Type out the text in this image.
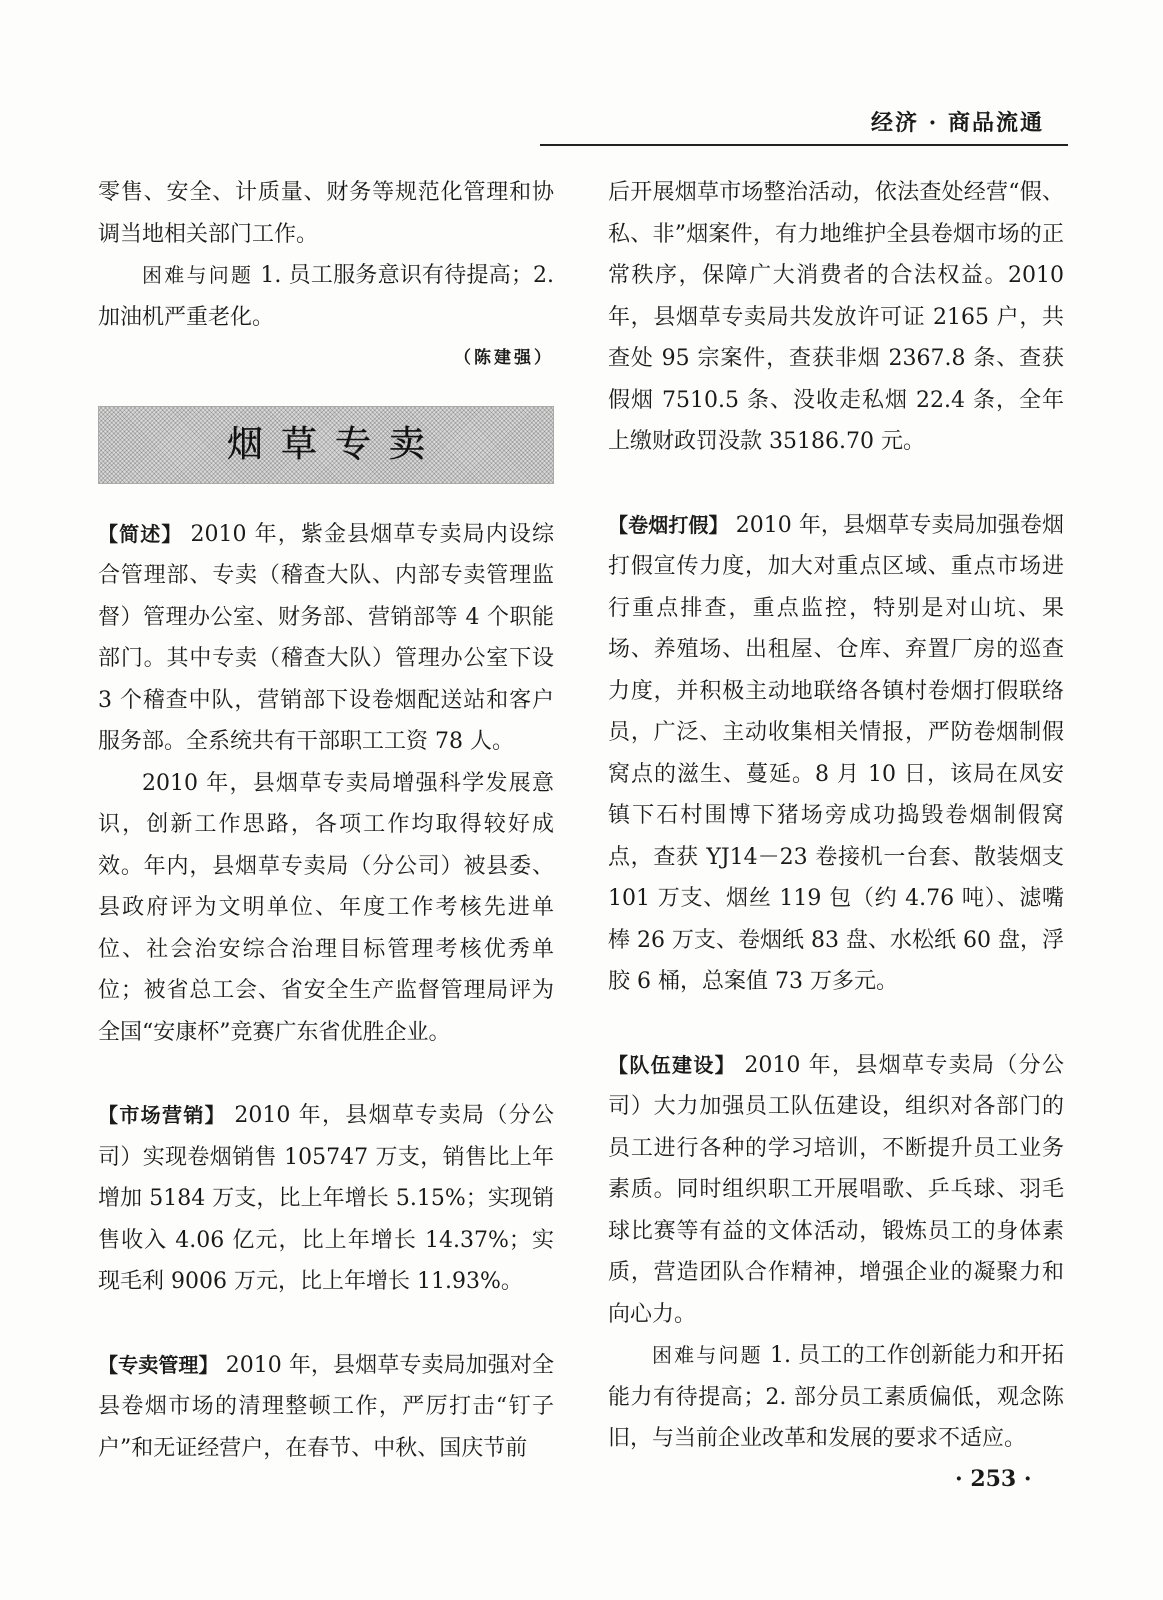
经济 · 商品流通

零售、安全、计质量、财务等规范化管理和协调当地相关部门工作。

困难与问题 1. 员工服务意识有待提高；2. 加油机严重老化。

（陈建强）

烟草专卖

【简述】 2010 年，紫金县烟草专卖局内设综合管理部、专卖（稽查大队、内部专卖管理监督）管理办公室、财务部、营销部等 4 个职能部门。其中专卖（稽查大队）管理办公室下设 3 个稽查中队，营销部下设卷烟配送站和客户服务部。全系统共有干部职工工资 78 人。

2010 年，县烟草专卖局增强科学发展意识，创新工作思路，各项工作均取得较好成效。年内，县烟草专卖局（分公司）被县委、县政府评为文明单位、年度工作考核先进单位、社会治安综合治理目标管理考核优秀单位；被省总工会、省安全生产监督管理局评为全国“安康杯”竞赛广东省优胜企业。

【市场营销】 2010 年，县烟草专卖局（分公司）实现卷烟销售 105747 万支，销售比上年增加 5184 万支，比上年增长 5.15%；实现销售收入 4.06 亿元，比上年增长 14.37%；实现毛利 9006 万元，比上年增长 11.93%。

【专卖管理】 2010 年，县烟草专卖局加强对全县卷烟市场的清理整顿工作，严厉打击“钉子户”和无证经营户，在春节、中秋、国庆节前

后开展烟草市场整治活动，依法查处经营“假、私、非”烟案件，有力地维护全县卷烟市场的正常秩序，保障广大消费者的合法权益。2010 年，县烟草专卖局共发放许可证 2165 户，共查处 95 宗案件，查获非烟 2367.8 条、查获假烟 7510.5 条、没收走私烟 22.4 条，全年上缴财政罚没款 35186.70 元。

【卷烟打假】 2010 年，县烟草专卖局加强卷烟打假宣传力度，加大对重点区域、重点市场进行重点排查，重点监控，特别是对山坑、果场、养殖场、出租屋、仓库、弃置厂房的巡查力度，并积极主动地联络各镇村卷烟打假联络员，广泛、主动收集相关情报，严防卷烟制假窝点的滋生、蔓延。8 月 10 日，该局在凤安镇下石村围博下猪场旁成功捣毁卷烟制假窝点，查获 YJ14－23 卷接机一台套、散装烟支 101 万支、烟丝 119 包（约 4.76 吨）、滤嘴棒 26 万支、卷烟纸 83 盘、水松纸 60 盘，浮胶 6 桶，总案值 73 万多元。

【队伍建设】 2010 年，县烟草专卖局（分公司）大力加强员工队伍建设，组织对各部门的员工进行各种的学习培训，不断提升员工业务素质。同时组织职工开展唱歌、乒乓球、羽毛球比赛等有益的文体活动，锻炼员工的身体素质，营造团队合作精神，增强企业的凝聚力和向心力。

困难与问题 1. 员工的工作创新能力和开拓能力有待提高；2. 部分员工素质偏低，观念陈旧，与当前企业改革和发展的要求不适应。

· 253 ·
